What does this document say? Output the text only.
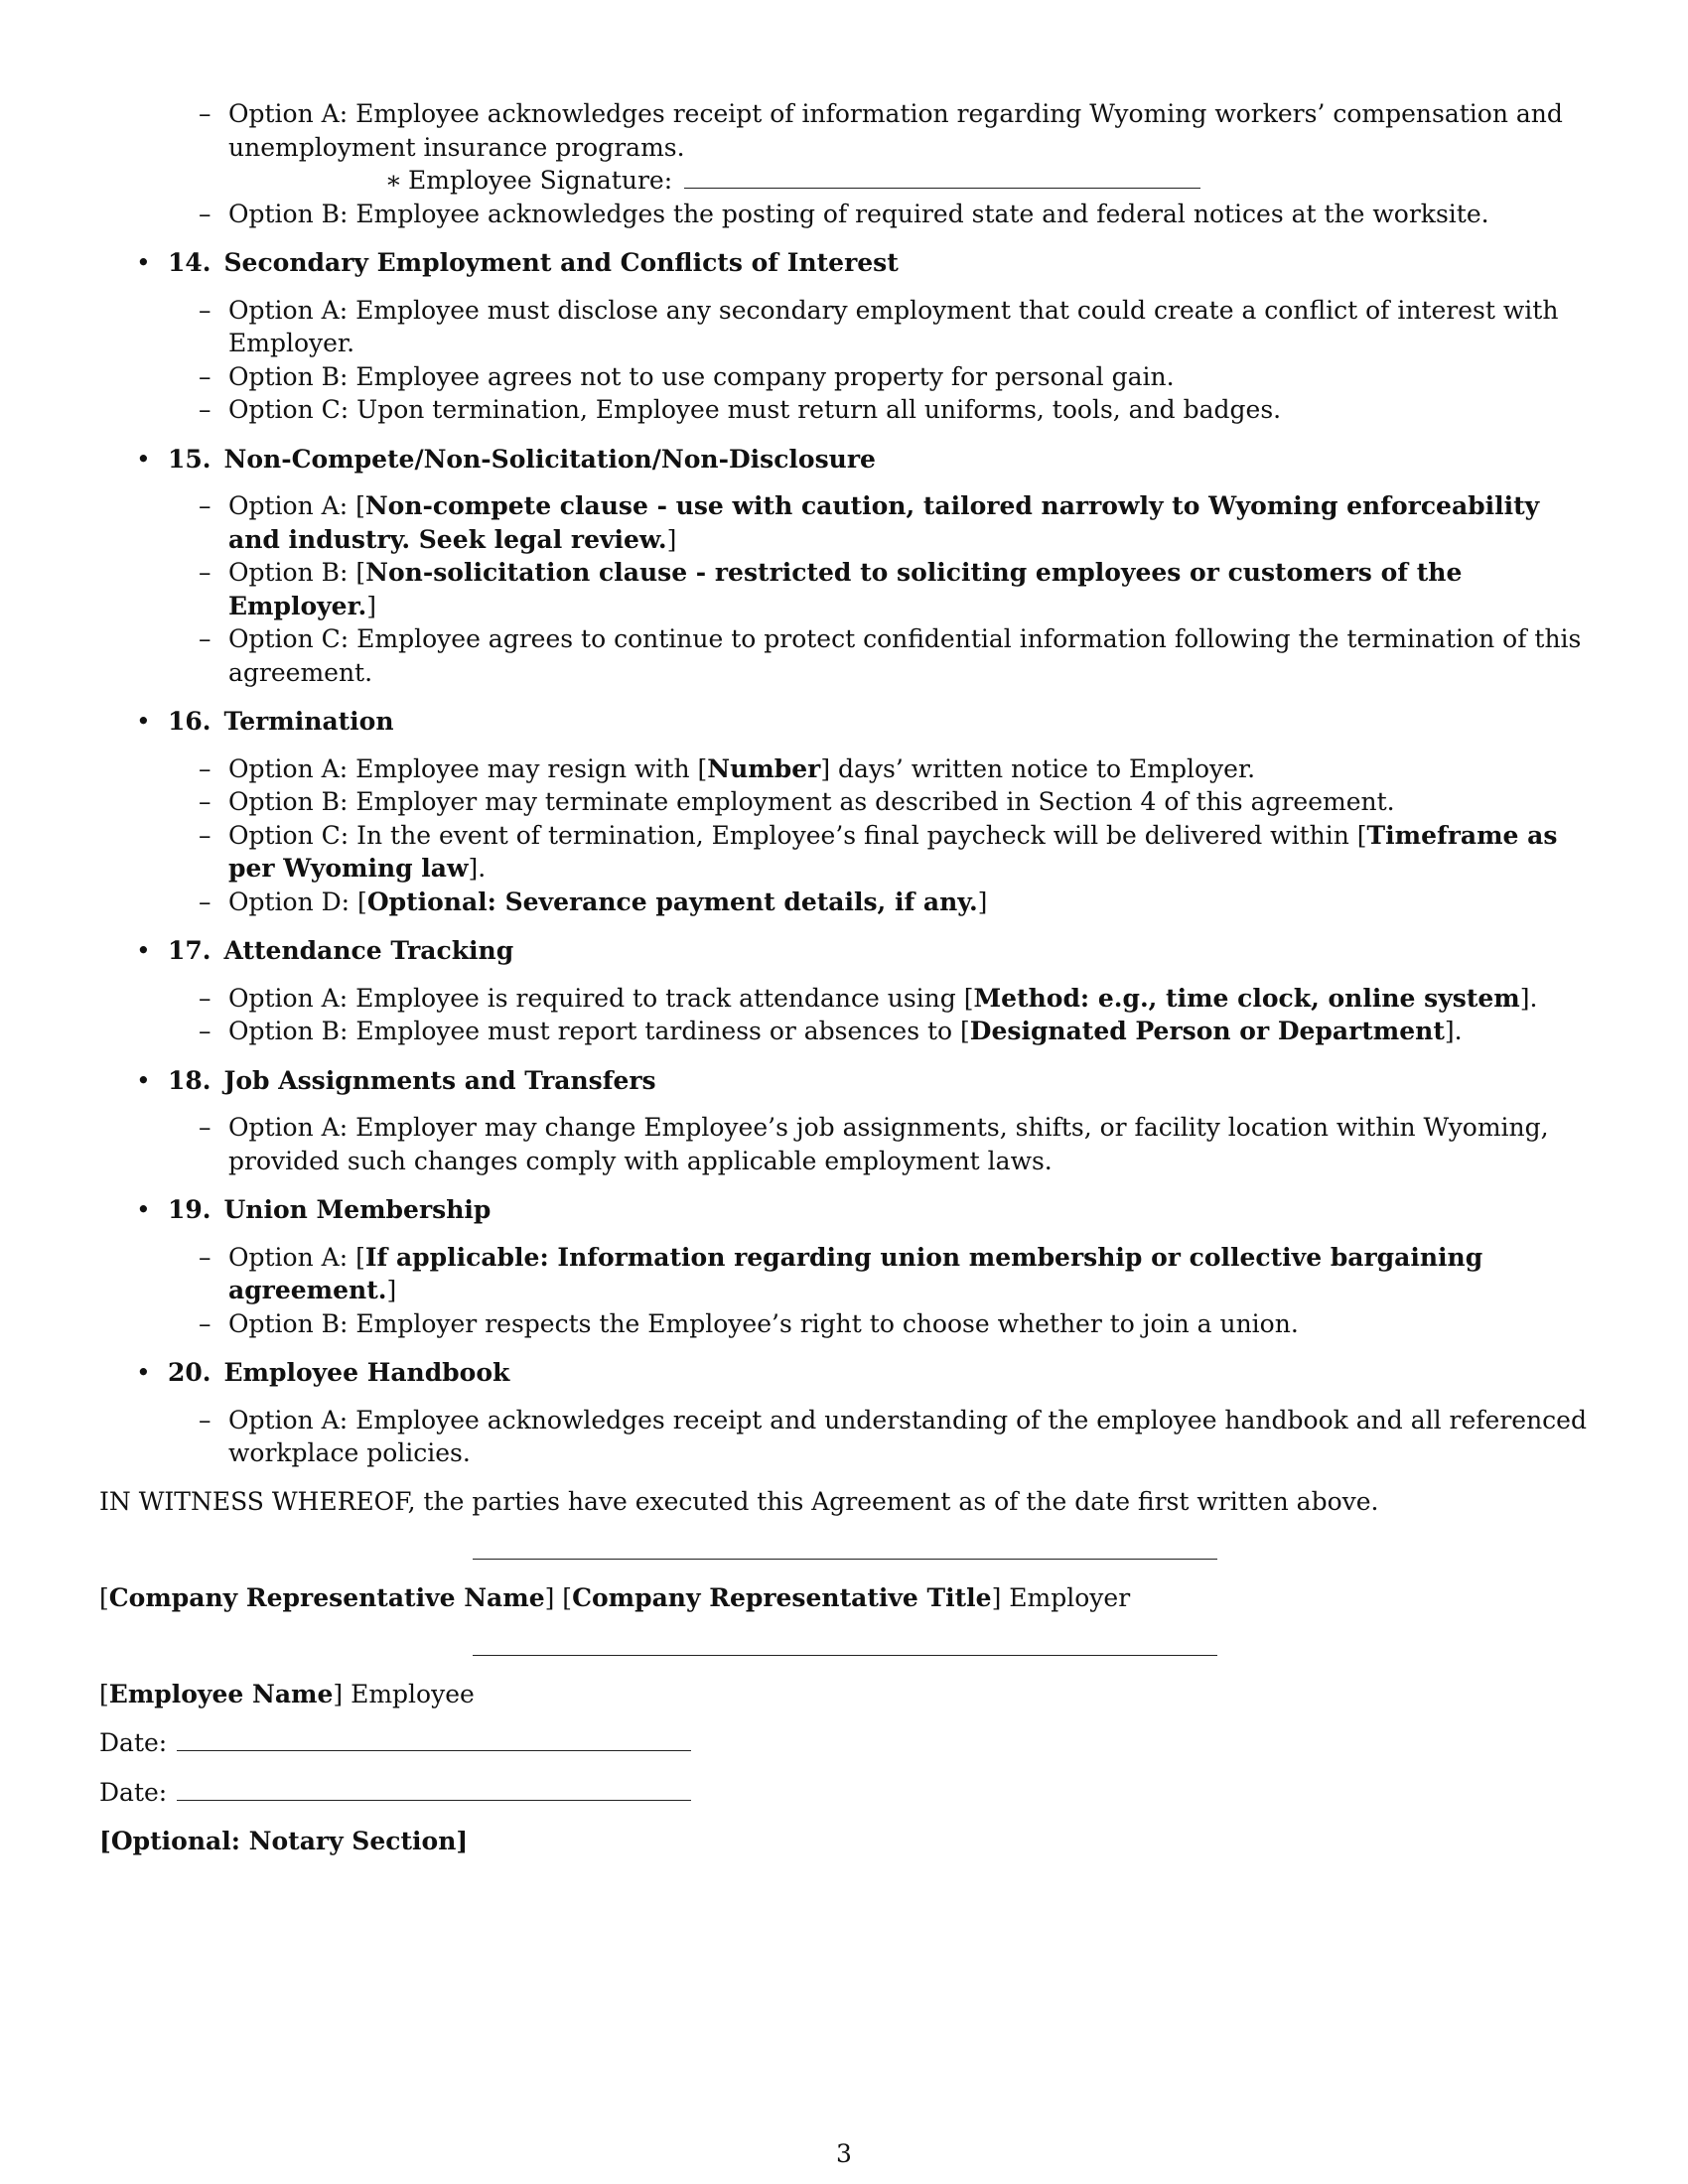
– Option A: Employee acknowledges receipt of information regarding Wyoming workers’ compensation and unemployment insurance programs.
∗ Employee Signature:
– Option B: Employee acknowledges the posting of required state and federal notices at the worksite.
• 14. Secondary Employment and Conflicts of Interest
– Option A: Employee must disclose any secondary employment that could create a conflict of interest with Employer.
– Option B: Employee agrees not to use company property for personal gain.
– Option C: Upon termination, Employee must return all uniforms, tools, and badges.
• 15. Non-Compete/Non-Solicitation/Non-Disclosure
– Option A: [Non-compete clause - use with caution, tailored narrowly to Wyoming enforceability and industry. Seek legal review.]
– Option B: [Non-solicitation clause - restricted to soliciting employees or customers of the Employer.]
– Option C: Employee agrees to continue to protect confidential information following the termination of this agreement.
• 16. Termination
– Option A: Employee may resign with [Number] days’ written notice to Employer.
– Option B: Employer may terminate employment as described in Section 4 of this agreement.
– Option C: In the event of termination, Employee’s final paycheck will be delivered within [Timeframe as per Wyoming law].
– Option D: [Optional: Severance payment details, if any.]
• 17. Attendance Tracking
– Option A: Employee is required to track attendance using [Method: e.g., time clock, online system].
– Option B: Employee must report tardiness or absences to [Designated Person or Department].
• 18. Job Assignments and Transfers
– Option A: Employer may change Employee’s job assignments, shifts, or facility location within Wyoming, provided such changes comply with applicable employment laws.
• 19. Union Membership
– Option A: [If applicable: Information regarding union membership or collective bargaining agreement.]
– Option B: Employer respects the Employee’s right to choose whether to join a union.
• 20. Employee Handbook
– Option A: Employee acknowledges receipt and understanding of the employee handbook and all referenced workplace policies.
IN WITNESS WHEREOF, the parties have executed this Agreement as of the date first written above.
[Company Representative Name] [Company Representative Title] Employer
[Employee Name] Employee
Date:
Date:
[Optional: Notary Section]
3
